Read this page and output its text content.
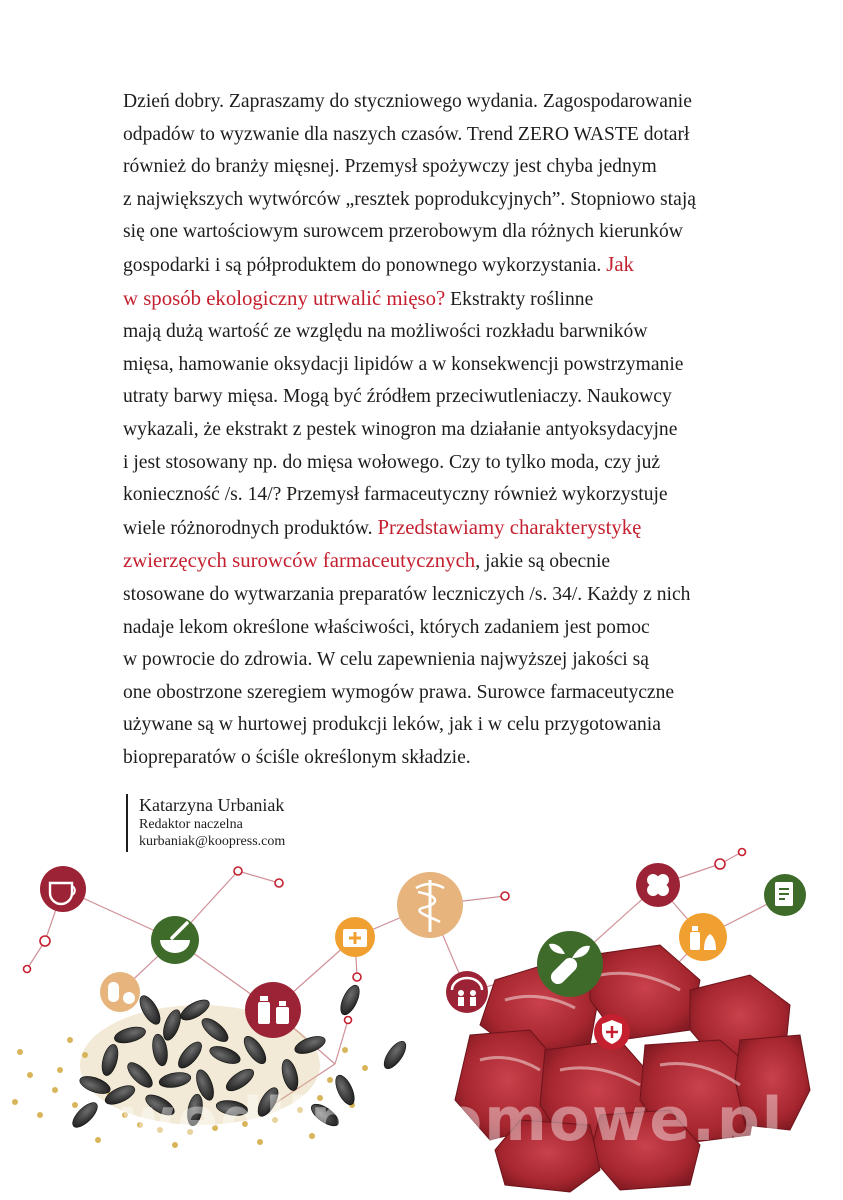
Dzień dobry. Zapraszamy do styczniowego wydania. Zagospodarowanie
odpadów to wyzwanie dla naszych czasów. Trend ZERO WASTE dotarł
również do branży mięsnej. Przemysł spożywczy jest chyba jednym
z największych wytwórców „resztek poprodukcyjnych”. Stopniowo stają
się one wartościowym surowcem przerobowym dla różnych kierunków
gospodarki i są półproduktem do ponownego wykorzystania. Jak
w sposób ekologiczny utrwalić mięso? Ekstrakty roślinne
mają dużą wartość ze względu na możliwości rozkładu barwników
mięsa, hamowanie oksydacji lipidów a w konsekwencji powstrzymanie
utraty barwy mięsa. Mogą być źródłem przeciwutleniaczy. Naukowcy
wykazali, że ekstrakt z pestek winogron ma działanie antyoksydacyjne
i jest stosowany np. do mięsa wołowego. Czy to tylko moda, czy już
konieczność /s. 14/? Przemysł farmaceutyczny również wykorzystuje
wiele różnorodnych produktów. Przedstawiamy charakterystykę
zwierzęcych surowców farmaceutycznych, jakie są obecnie
stosowane do wytwarzania preparatów leczniczych /s. 34/. Każdy z nich
nadaje lekom określone właściwości, których zadaniem jest pomoc
w powrocie do zdrowia. W celu zapewnienia najwyższej jakości są
one obostrzone szeregiem wymogów prawa. Surowce farmaceutyczne
używane są w hurtowej produkcji leków, jak i w celu przygotowania
biopreparatów o ściśle określonym składzie.
Katarzyna Urbaniak
Redaktor naczelna
kurbaniak@koopress.com
wedlinydomowe.pl
